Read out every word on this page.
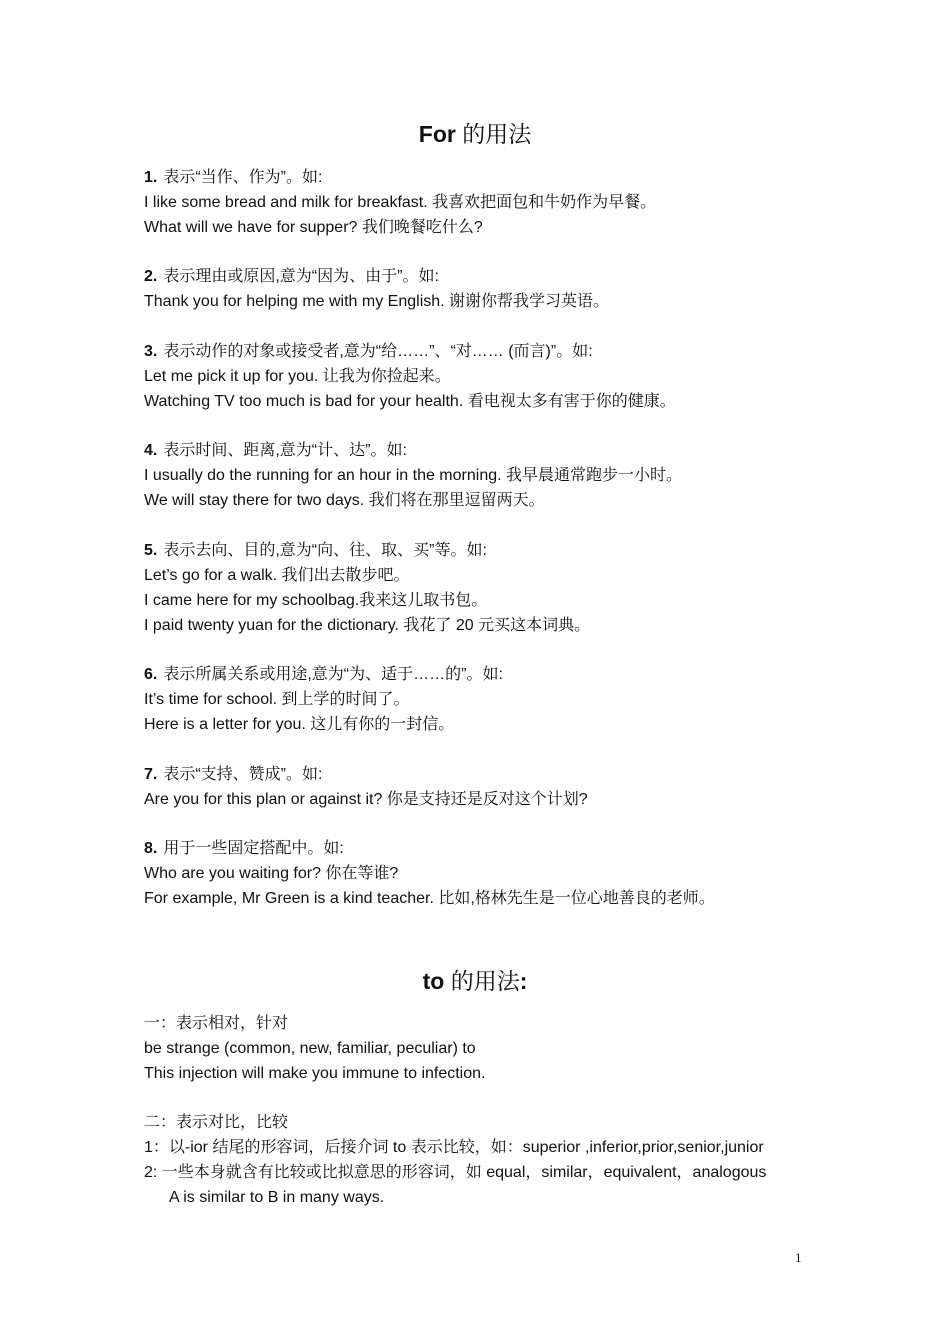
For 的用法
1. 表示“当作、作为”。如:
I like some bread and milk for breakfast. 我喜欢把面包和牛奶作为早餐。
What will we have for supper? 我们晚餐吃什么?
2. 表示理由或原因,意为“因为、由于”。如:
Thank you for helping me with my English. 谢谢你帮我学习英语。
3. 表示动作的对象或接受者,意为“给……”、“对…… (而言)”。如:
Let me pick it up for you. 让我为你捡起来。
Watching TV too much is bad for your health. 看电视太多有害于你的健康。
4. 表示时间、距离,意为“计、达”。如:
I usually do the running for an hour in the morning. 我早晨通常跑步一小时。
We will stay there for two days. 我们将在那里逗留两天。
5. 表示去向、目的,意为“向、往、取、买”等。如:
Let’s go for a walk. 我们出去散步吧。
I came here for my schoolbag.我来这儿取书包。
I paid twenty yuan for the dictionary. 我花了 20 元买这本词典。
6. 表示所属关系或用途,意为“为、适于……的”。如:
It’s time for school. 到上学的时间了。
Here is a letter for you. 这儿有你的一封信。
7. 表示“支持、赞成”。如:
Are you for this plan or against it? 你是支持还是反对这个计划?
8. 用于一些固定搭配中。如:
Who are you waiting for? 你在等谁?
For example, Mr Green is a kind teacher. 比如,格林先生是一位心地善良的老师。
to 的用法:
一：表示相对，针对
be strange (common, new, familiar, peculiar) to
This injection will make you immune to infection.
二：表示对比，比较
1：以-ior 结尾的形容词，后接介词 to 表示比较，如：superior ,inferior,prior,senior,junior
2: 一些本身就含有比较或比拟意思的形容词，如 equal，similar，equivalent，analogous
A is similar to B in many ways.
1
